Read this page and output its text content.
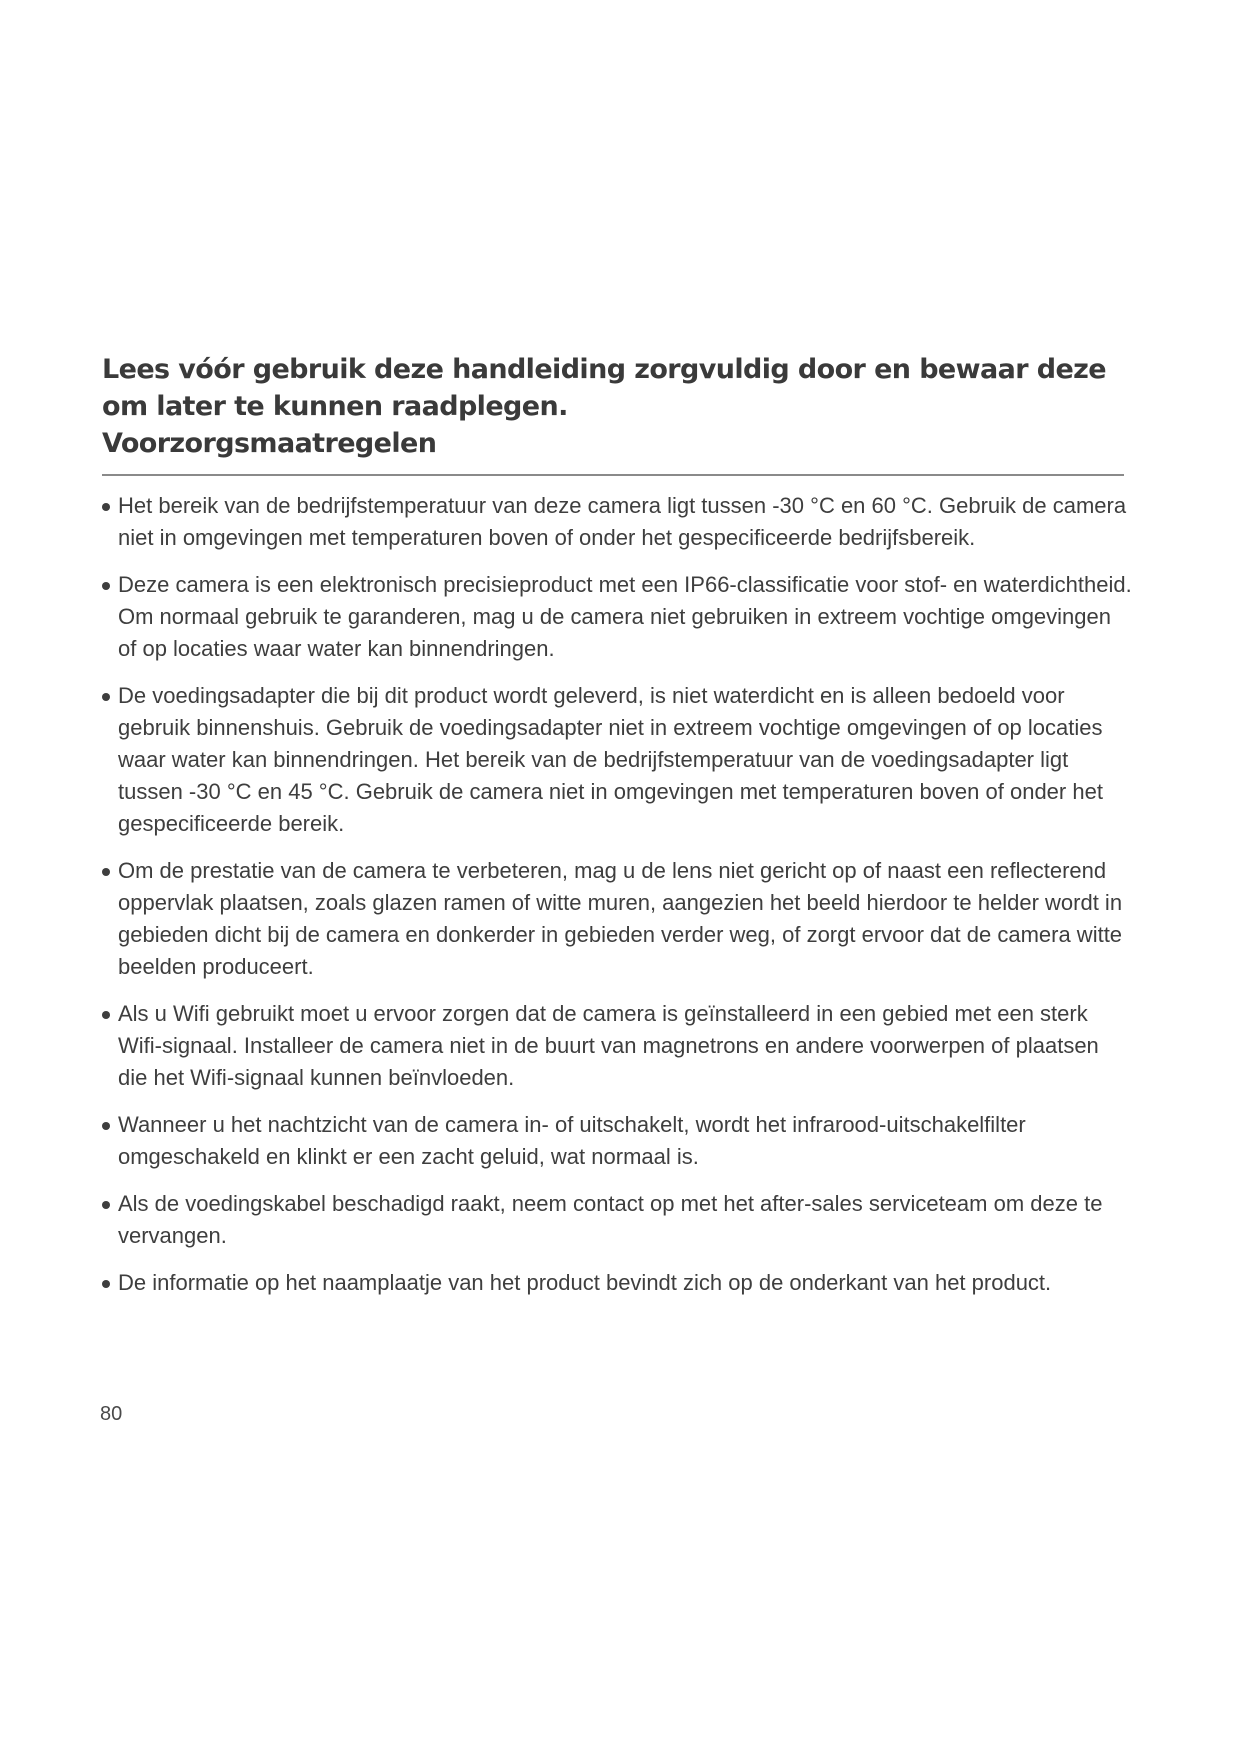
Lees vóór gebruik deze handleiding zorgvuldig door en bewaar deze om later te kunnen raadplegen.
Voorzorgsmaatregelen
Het bereik van de bedrijfstemperatuur van deze camera ligt tussen -30 °C en 60 °C. Gebruik de camera niet in omgevingen met temperaturen boven of onder het gespecificeerde bedrijfsbereik.
Deze camera is een elektronisch precisieproduct met een IP66-classificatie voor stof- en waterdichtheid. Om normaal gebruik te garanderen, mag u de camera niet gebruiken in extreem vochtige omgevingen of op locaties waar water kan binnendringen.
De voedingsadapter die bij dit product wordt geleverd, is niet waterdicht en is alleen bedoeld voor gebruik binnenshuis. Gebruik de voedingsadapter niet in extreem vochtige omgevingen of op locaties waar water kan binnendringen. Het bereik van de bedrijfstemperatuur van de voedingsadapter ligt tussen -30 °C en 45 °C. Gebruik de camera niet in omgevingen met temperaturen boven of onder het gespecificeerde bereik.
Om de prestatie van de camera te verbeteren, mag u de lens niet gericht op of naast een reflecterend oppervlak plaatsen, zoals glazen ramen of witte muren, aangezien het beeld hierdoor te helder wordt in gebieden dicht bij de camera en donkerder in gebieden verder weg, of zorgt ervoor dat de camera witte beelden produceert.
Als u Wifi gebruikt moet u ervoor zorgen dat de camera is geïnstalleerd in een gebied met een sterk Wifi-signaal. Installeer de camera niet in de buurt van magnetrons en andere voorwerpen of plaatsen die het Wifi-signaal kunnen beïnvloeden.
Wanneer u het nachtzicht van de camera in- of uitschakelt, wordt het infrarood-uitschakelfilter omgeschakeld en klinkt er een zacht geluid, wat normaal is.
Als de voedingskabel beschadigd raakt, neem contact op met het after-sales serviceteam om deze te vervangen.
De informatie op het naamplaatje van het product bevindt zich op de onderkant van het product.
80
